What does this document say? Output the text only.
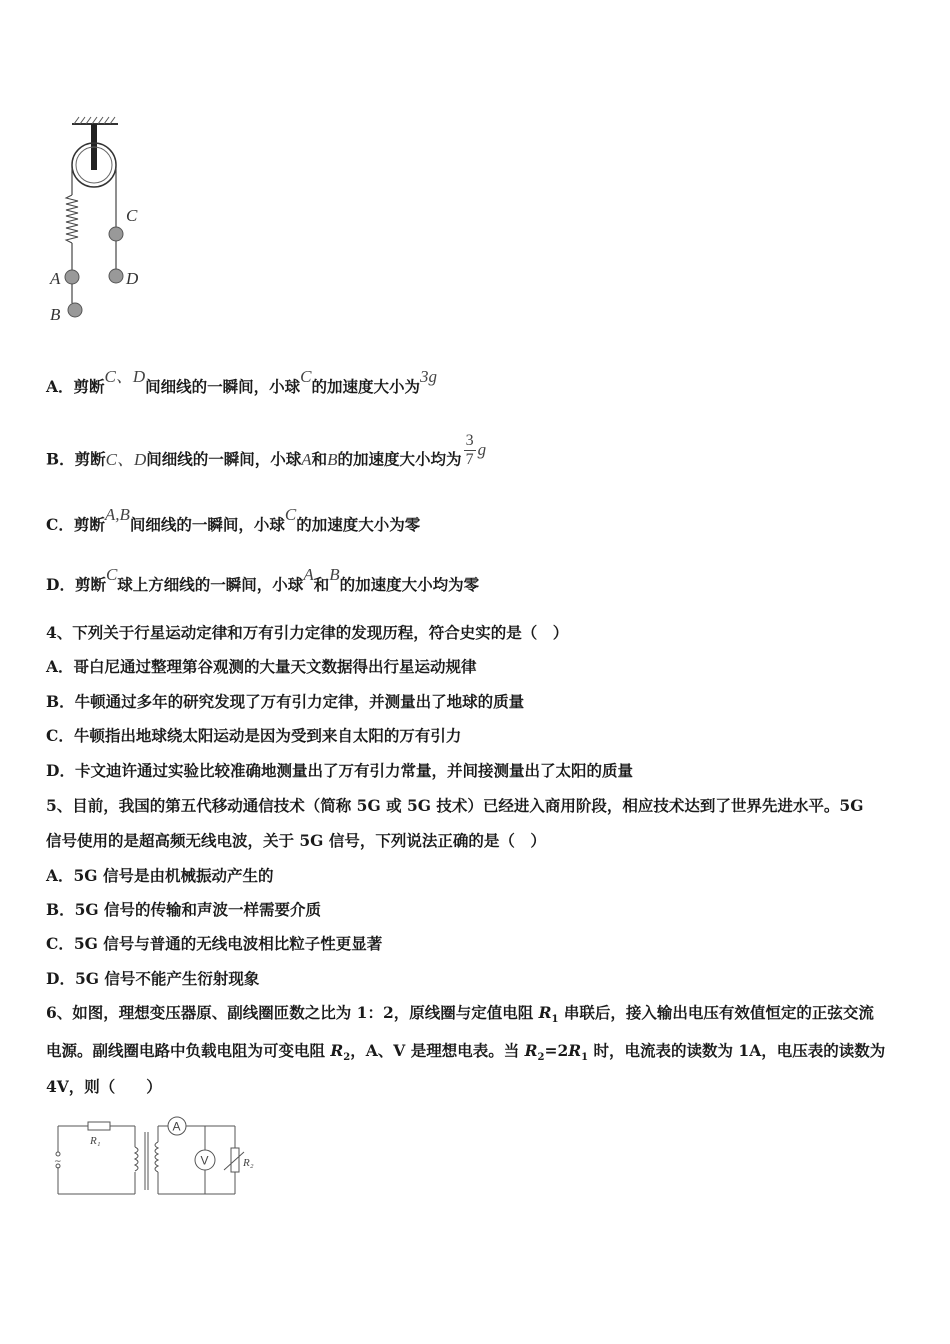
C
D
A
B
A．剪断C、D间细线的一瞬间，小球C的加速度大小为3g
B．剪断C、D间细线的一瞬间，小球A和B的加速度大小均为 $\frac{3}{7}$ g
C．剪断A,B间细线的一瞬间，小球C的加速度大小为零
D．剪断C球上方细线的一瞬间，小球A和B的加速度大小均为零
4、下列关于行星运动定律和万有引力定律的发现历程，符合史实的是（　）
A．哥白尼通过整理第谷观测的大量天文数据得出行星运动规律
B．牛顿通过多年的研究发现了万有引力定律，并测量出了地球的质量
C．牛顿指出地球绕太阳运动是因为受到来自太阳的万有引力
D．卡文迪许通过实验比较准确地测量出了万有引力常量，并间接测量出了太阳的质量
5、目前，我国的第五代移动通信技术（简称 5G 或 5G 技术）已经进入商用阶段，相应技术达到了世界先进水平。5G
信号使用的是超高频无线电波，关于 5G 信号，下列说法正确的是（　）
A．5G 信号是由机械振动产生的
B．5G 信号的传输和声波一样需要介质
C．5G 信号与普通的无线电波相比粒子性更显著
D．5G 信号不能产生衍射现象
6、如图，理想变压器原、副线圈匝数之比为 1：2，原线圈与定值电阻 $R_1$ 串联后，接入输出电压有效值恒定的正弦交流
电源。副线圈电路中负载电阻为可变电阻 $R_2$，A、V 是理想电表。当 $R_2=2R_1$ 时，电流表的读数为 1A，电压表的读数为
4V，则（　　）
R₁
R₂
A
V
~
